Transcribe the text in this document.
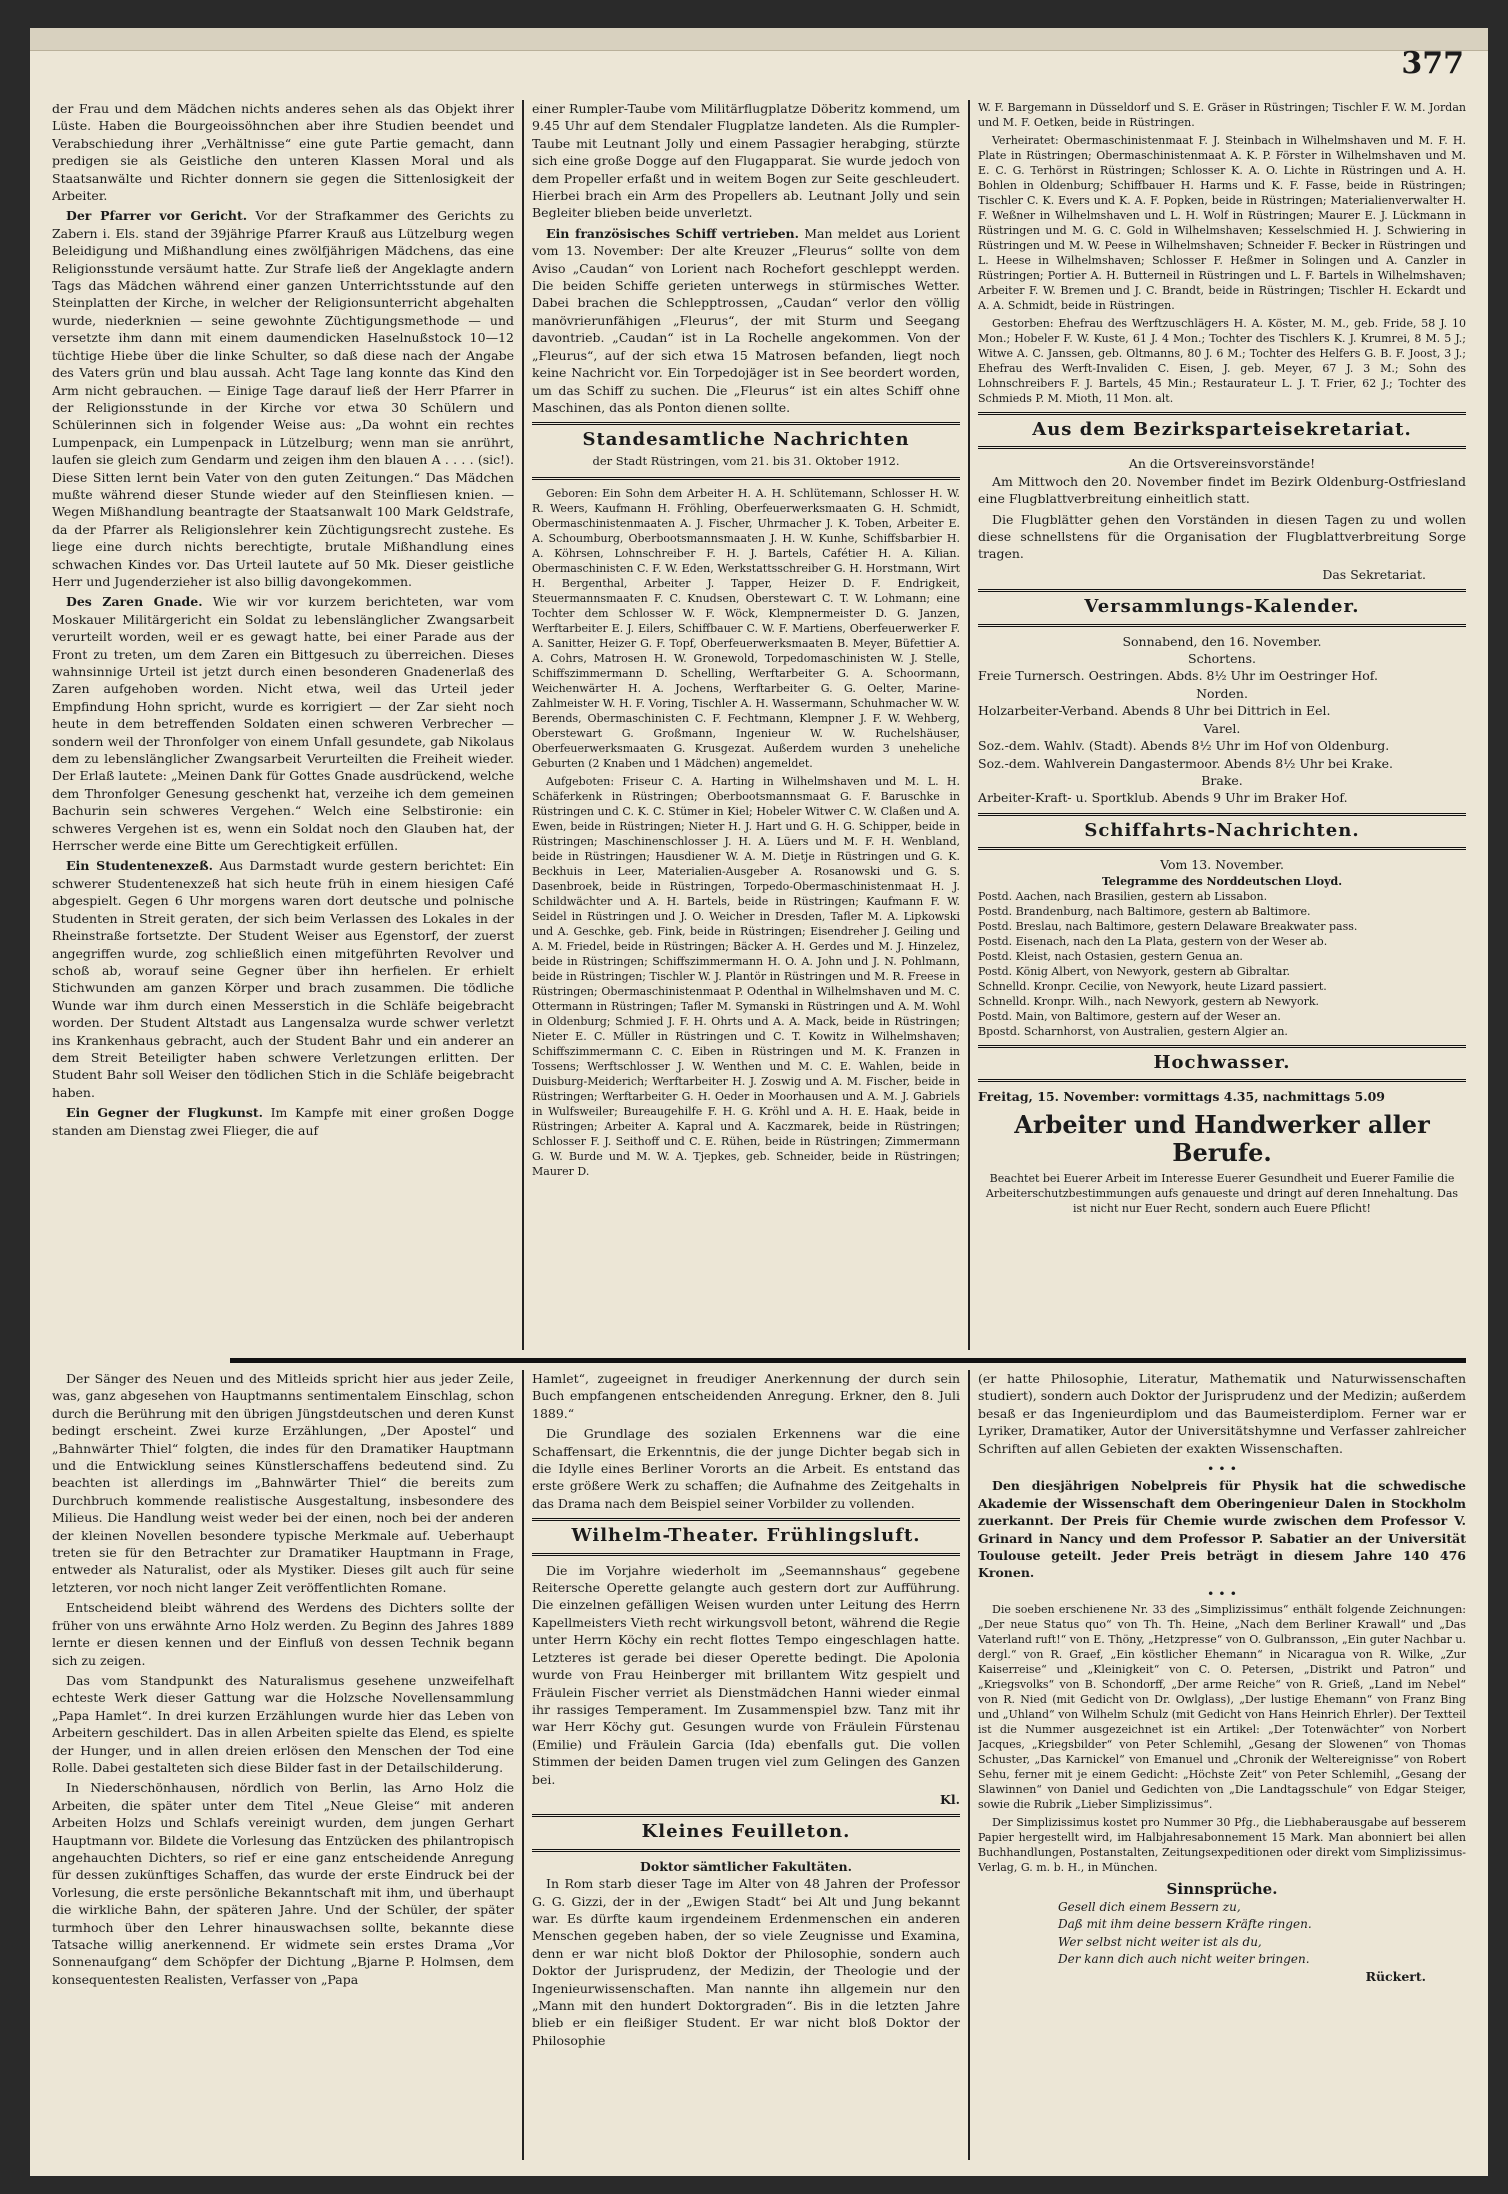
377

der Frau und dem Mädchen nichts anderes sehen als das Objekt ihrer Lüste. Haben die Bourgeoissöhnchen aber ihre Studien beendet und Verabschiedung ihrer „Verhältnisse“ eine gute Partie gemacht, dann predigen sie als Geistliche den unteren Klassen Moral und als Staatsanwälte und Richter donnern sie gegen die Sittenlosigkeit der Arbeiter.

Der Pfarrer vor Gericht. Vor der Strafkammer des Gerichts zu Zabern i. Els. stand der 39jährige Pfarrer Krauß aus Lützelburg wegen Beleidigung und Mißhandlung eines zwölfjährigen Mädchens, das eine Religionsstunde versäumt hatte. Zur Strafe ließ der Angeklagte andern Tags das Mädchen während einer ganzen Unterrichtsstunde auf den Steinplatten der Kirche, in welcher der Religionsunterricht abgehalten wurde, niederknien — seine gewohnte Züchtigungsmethode — und versetzte ihm dann mit einem daumendicken Haselnußstock 10—12 tüchtige Hiebe über die linke Schulter, so daß diese nach der Angabe des Vaters grün und blau aussah. Acht Tage lang konnte das Kind den Arm nicht gebrauchen. — Einige Tage darauf ließ der Herr Pfarrer in der Religionsstunde in der Kirche vor etwa 30 Schülern und Schülerinnen sich in folgender Weise aus: „Da wohnt ein rechtes Lumpenpack, ein Lumpenpack in Lützelburg; wenn man sie anrührt, laufen sie gleich zum Gendarm und zeigen ihm den blauen A . . . . (sic!). Diese Sitten lernt bein Vater von den guten Zeitungen.“ Das Mädchen mußte während dieser Stunde wieder auf den Steinfliesen knien. — Wegen Mißhandlung beantragte der Staatsanwalt 100 Mark Geldstrafe, da der Pfarrer als Religionslehrer kein Züchtigungsrecht zustehe. Es liege eine durch nichts berechtigte, brutale Mißhandlung eines schwachen Kindes vor. Das Urteil lautete auf 50 Mk. Dieser geistliche Herr und Jugenderzieher ist also billig davongekommen.

Des Zaren Gnade. Wie wir vor kurzem berichteten, war vom Moskauer Militärgericht ein Soldat zu lebenslänglicher Zwangsarbeit verurteilt worden, weil er es gewagt hatte, bei einer Parade aus der Front zu treten, um dem Zaren ein Bittgesuch zu überreichen. Dieses wahnsinnige Urteil ist jetzt durch einen besonderen Gnadenerlaß des Zaren aufgehoben worden. Nicht etwa, weil das Urteil jeder Empfindung Hohn spricht, wurde es korrigiert — der Zar sieht noch heute in dem betreffenden Soldaten einen schweren Verbrecher — sondern weil der Thronfolger von einem Unfall gesundete, gab Nikolaus dem zu lebenslänglicher Zwangsarbeit Verurteilten die Freiheit wieder. Der Erlaß lautete: „Meinen Dank für Gottes Gnade ausdrückend, welche dem Thronfolger Genesung geschenkt hat, verzeihe ich dem gemeinen Bachurin sein schweres Vergehen.“ Welch eine Selbstironie: ein schweres Vergehen ist es, wenn ein Soldat noch den Glauben hat, der Herrscher werde eine Bitte um Gerechtigkeit erfüllen.

Ein Studentenexzeß. Aus Darmstadt wurde gestern berichtet: Ein schwerer Studentenexzeß hat sich heute früh in einem hiesigen Café abgespielt. Gegen 6 Uhr morgens waren dort deutsche und polnische Studenten in Streit geraten, der sich beim Verlassen des Lokales in der Rheinstraße fortsetzte. Der Student Weiser aus Egenstorf, der zuerst angegriffen wurde, zog schließlich einen mitgeführten Revolver und schoß ab, worauf seine Gegner über ihn herfielen. Er erhielt Stichwunden am ganzen Körper und brach zusammen. Die tödliche Wunde war ihm durch einen Messerstich in die Schläfe beigebracht worden. Der Student Altstadt aus Langensalza wurde schwer verletzt ins Krankenhaus gebracht, auch der Student Bahr und ein anderer an dem Streit Beteiligter haben schwere Verletzungen erlitten. Der Student Bahr soll Weiser den tödlichen Stich in die Schläfe beigebracht haben.

Ein Gegner der Flugkunst. Im Kampfe mit einer großen Dogge standen am Dienstag zwei Flieger, die auf

einer Rumpler-Taube vom Militärflugplatze Döberitz kommend, um 9.45 Uhr auf dem Stendaler Flugplatze landeten. Als die Rumpler-Taube mit Leutnant Jolly und einem Passagier herabging, stürzte sich eine große Dogge auf den Flugapparat. Sie wurde jedoch von dem Propeller erfaßt und in weitem Bogen zur Seite geschleudert. Hierbei brach ein Arm des Propellers ab. Leutnant Jolly und sein Begleiter blieben beide unverletzt.

Ein französisches Schiff vertrieben. Man meldet aus Lorient vom 13. November: Der alte Kreuzer „Fleurus“ sollte von dem Aviso „Caudan“ von Lorient nach Rochefort geschleppt werden. Die beiden Schiffe gerieten unterwegs in stürmisches Wetter. Dabei brachen die Schlepptrossen, „Caudan“ verlor den völlig manövrierunfähigen „Fleurus“, der mit Sturm und Seegang davontrieb. „Caudan“ ist in La Rochelle angekommen. Von der „Fleurus“, auf der sich etwa 15 Matrosen befanden, liegt noch keine Nachricht vor. Ein Torpedojäger ist in See beordert worden, um das Schiff zu suchen. Die „Fleurus“ ist ein altes Schiff ohne Maschinen, das als Ponton dienen sollte.

Standesamtliche Nachrichten
der Stadt Rüstringen, vom 21. bis 31. Oktober 1912.

Geboren: Ein Sohn dem Arbeiter H. A. H. Schlütemann, Schlosser H. W. R. Weers, Kaufmann H. Fröhling, Oberfeuerwerksmaaten G. H. Schmidt, Obermaschinistenmaaten A. J. Fischer, Uhrmacher J. K. Toben, Arbeiter E. A. Schoumburg, Oberbootsmannsmaaten J. H. W. Kunhe, Schiffsbarbier H. A. Köhrsen, Lohnschreiber F. H. J. Bartels, Cafétier H. A. Kilian. Obermaschinisten C. F. W. Eden, Werkstattsschreiber G. H. Horstmann, Wirt H. Bergenthal, Arbeiter J. Tapper, Heizer D. F. Endrigkeit, Steuermannsmaaten F. C. Knudsen, Oberstewart C. T. W. Lohmann; eine Tochter dem Schlosser W. F. Wöck, Klempnermeister D. G. Janzen, Werftarbeiter E. J. Eilers, Schiffbauer C. W. F. Martiens, Oberfeuerwerker F. A. Sanitter, Heizer G. F. Topf, Oberfeuerwerksmaaten B. Meyer, Büfettier A. A. Cohrs, Matrosen H. W. Gronewold, Torpedomaschinisten W. J. Stelle, Schiffszimmermann D. Schelling, Werftarbeiter G. A. Schoormann, Weichenwärter H. A. Jochens, Werftarbeiter G. G. Oelter, Marine-Zahlmeister W. H. F. Voring, Tischler A. H. Wassermann, Schuhmacher W. W. Berends, Obermaschinisten C. F. Fechtmann, Klempner J. F. W. Wehberg, Oberstewart G. Großmann, Ingenieur W. W. Ruchelshäuser, Oberfeuerwerksmaaten G. Krusgezat. Außerdem wurden 3 uneheliche Geburten (2 Knaben und 1 Mädchen) angemeldet.

Aufgeboten: Friseur C. A. Harting in Wilhelmshaven und M. L. H. Schäferkenk in Rüstringen; Oberbootsmannsmaat G. F. Baruschke in Rüstringen und C. K. C. Stümer in Kiel; Hobeler Witwer C. W. Claßen und A. Ewen, beide in Rüstringen; Nieter H. J. Hart und G. H. G. Schipper, beide in Rüstringen; Maschinenschlosser J. H. A. Lüers und M. F. H. Wenbland, beide in Rüstringen; Hausdiener W. A. M. Dietje in Rüstringen und G. K. Beckhuis in Leer, Materialien-Ausgeber A. Rosanowski und G. S. Dasenbroek, beide in Rüstringen, Torpedo-Obermaschinistenmaat H. J. Schildwächter und A. H. Bartels, beide in Rüstringen; Kaufmann F. W. Seidel in Rüstringen und J. O. Weicher in Dresden, Tafler M. A. Lipkowski und A. Geschke, geb. Fink, beide in Rüstringen; Eisendreher J. Geiling und A. M. Friedel, beide in Rüstringen; Bäcker A. H. Gerdes und M. J. Hinzelez, beide in Rüstringen; Schiffszimmermann H. O. A. John und J. N. Pohlmann, beide in Rüstringen; Tischler W. J. Plantör in Rüstringen und M. R. Freese in Rüstringen; Obermaschinistenmaat P. Odenthal in Wilhelmshaven und M. C. Ottermann in Rüstringen; Tafler M. Symanski in Rüstringen und A. M. Wohl in Oldenburg; Schmied J. F. H. Ohrts und A. A. Mack, beide in Rüstringen; Nieter E. C. Müller in Rüstringen und C. T. Kowitz in Wilhelmshaven; Schiffszimmermann C. C. Eiben in Rüstringen und M. K. Franzen in Tossens; Werftschlosser J. W. Wenthen und M. C. E. Wahlen, beide in Duisburg-Meiderich; Werftarbeiter H. J. Zoswig und A. M. Fischer, beide in Rüstringen; Werftarbeiter G. H. Oeder in Moorhausen und A. M. J. Gabriels in Wulfsweiler; Bureaugehilfe F. H. G. Kröhl und A. H. E. Haak, beide in Rüstringen; Arbeiter A. Kapral und A. Kaczmarek, beide in Rüstringen; Schlosser F. J. Seithoff und C. E. Rühen, beide in Rüstringen; Zimmermann G. W. Burde und M. W. A. Tjepkes, geb. Schneider, beide in Rüstringen; Maurer D.

W. F. Bargemann in Düsseldorf und S. E. Gräser in Rüstringen; Tischler F. W. M. Jordan und M. F. Oetken, beide in Rüstringen.

Verheiratet: Obermaschinistenmaat F. J. Steinbach in Wilhelmshaven und M. F. H. Plate in Rüstringen; Obermaschinistenmaat A. K. P. Förster in Wilhelmshaven und M. E. C. G. Terhörst in Rüstringen; Schlosser K. A. O. Lichte in Rüstringen und A. H. Bohlen in Oldenburg; Schiffbauer H. Harms und K. F. Fasse, beide in Rüstringen; Tischler C. K. Evers und K. A. F. Popken, beide in Rüstringen; Materialienverwalter H. F. Weßner in Wilhelmshaven und L. H. Wolf in Rüstringen; Maurer E. J. Lückmann in Rüstringen und M. G. C. Gold in Wilhelmshaven; Kesselschmied H. J. Schwiering in Rüstringen und M. W. Peese in Wilhelmshaven; Schneider F. Becker in Rüstringen und L. Heese in Wilhelmshaven; Schlosser F. Heßmer in Solingen und A. Canzler in Rüstringen; Portier A. H. Butterneil in Rüstringen und L. F. Bartels in Wilhelmshaven; Arbeiter F. W. Bremen und J. C. Brandt, beide in Rüstringen; Tischler H. Eckardt und A. A. Schmidt, beide in Rüstringen.

Gestorben: Ehefrau des Werftzuschlägers H. A. Köster, M. M., geb. Fride, 58 J. 10 Mon.; Hobeler F. W. Kuste, 61 J. 4 Mon.; Tochter des Tischlers K. J. Krumrei, 8 M. 5 J.; Witwe A. C. Janssen, geb. Oltmanns, 80 J. 6 M.; Tochter des Helfers G. B. F. Joost, 3 J.; Ehefrau des Werft-Invaliden C. Eisen, J. geb. Meyer, 67 J. 3 M.; Sohn des Lohnschreibers F. J. Bartels, 45 Min.; Restaurateur L. J. T. Frier, 62 J.; Tochter des Schmieds P. M. Mioth, 11 Mon. alt.

Aus dem Bezirksparteisekretariat.
An die Ortsvereinsvorstände!

Am Mittwoch den 20. November findet im Bezirk Oldenburg-Ostfriesland eine Flugblattverbreitung einheitlich statt.

Die Flugblätter gehen den Vorständen in diesen Tagen zu und wollen diese schnellstens für die Organisation der Flugblattverbreitung Sorge tragen.

Das Sekretariat.
Versammlungs-Kalender.
Sonnabend, den 16. November.
Schortens.
Freie Turnersch. Oestringen. Abds. 8½ Uhr im Oestringer Hof.
Norden.
Holzarbeiter-Verband. Abends 8 Uhr bei Dittrich in Eel.
Varel.
Soz.-dem. Wahlv. (Stadt). Abends 8½ Uhr im Hof von Oldenburg.
Soz.-dem. Wahlverein Dangastermoor. Abends 8½ Uhr bei Krake.
Brake.
Arbeiter-Kraft- u. Sportklub. Abends 9 Uhr im Braker Hof.
Schiffahrts-Nachrichten.
Vom 13. November.
Telegramme des Norddeutschen Lloyd.
Postd. Aachen, nach Brasilien, gestern ab Lissabon.
Postd. Brandenburg, nach Baltimore, gestern ab Baltimore.
Postd. Breslau, nach Baltimore, gestern Delaware Breakwater pass.
Postd. Eisenach, nach den La Plata, gestern von der Weser ab.
Postd. Kleist, nach Ostasien, gestern Genua an.
Postd. König Albert, von Newyork, gestern ab Gibraltar.
Schnelld. Kronpr. Cecilie, von Newyork, heute Lizard passiert.
Schnelld. Kronpr. Wilh., nach Newyork, gestern ab Newyork.
Postd. Main, von Baltimore, gestern auf der Weser an.
Bpostd. Scharnhorst, von Australien, gestern Algier an.
Hochwasser.
Freitag, 15. November: vormittags 4.35, nachmittags 5.09
Arbeiter und Handwerker aller Berufe.

Beachtet bei Euerer Arbeit im Interesse Euerer Gesundheit und Euerer Familie die Arbeiterschutzbestimmungen aufs genaueste und dringt auf deren Innehaltung. Das ist nicht nur Euer Recht, sondern auch Euere Pflicht!

Der Sänger des Neuen und des Mitleids spricht hier aus jeder Zeile, was, ganz abgesehen von Hauptmanns sentimentalem Einschlag, schon durch die Berührung mit den übrigen Jüngstdeutschen und deren Kunst bedingt erscheint. Zwei kurze Erzählungen, „Der Apostel“ und „Bahnwärter Thiel“ folgten, die indes für den Dramatiker Hauptmann und die Entwicklung seines Künstlerschaffens bedeutend sind. Zu beachten ist allerdings im „Bahnwärter Thiel“ die bereits zum Durchbruch kommende realistische Ausgestaltung, insbesondere des Milieus. Die Handlung weist weder bei der einen, noch bei der anderen der kleinen Novellen besondere typische Merkmale auf. Ueberhaupt treten sie für den Betrachter zur Dramatiker Hauptmann in Frage, entweder als Naturalist, oder als Mystiker. Dieses gilt auch für seine letzteren, vor noch nicht langer Zeit veröffentlichten Romane.

Entscheidend bleibt während des Werdens des Dichters sollte der früher von uns erwähnte Arno Holz werden. Zu Beginn des Jahres 1889 lernte er diesen kennen und der Einfluß von dessen Technik begann sich zu zeigen.

Das vom Standpunkt des Naturalismus gesehene unzweifelhaft echteste Werk dieser Gattung war die Holzsche Novellensammlung „Papa Hamlet“. In drei kurzen Erzählungen wurde hier das Leben von Arbeitern geschildert. Das in allen Arbeiten spielte das Elend, es spielte der Hunger, und in allen dreien erlösen den Menschen der Tod eine Rolle. Dabei gestalteten sich diese Bilder fast in der Detailschilderung.

In Niederschönhausen, nördlich von Berlin, las Arno Holz die Arbeiten, die später unter dem Titel „Neue Gleise“ mit anderen Arbeiten Holzs und Schlafs vereinigt wurden, dem jungen Gerhart Hauptmann vor. Bildete die Vorlesung das Entzücken des philantropisch angehauchten Dichters, so rief er eine ganz entscheidende Anregung für dessen zukünftiges Schaffen, das wurde der erste Eindruck bei der Vorlesung, die erste persönliche Bekanntschaft mit ihm, und überhaupt die wirkliche Bahn, der späteren Jahre. Und der Schüler, der später turmhoch über den Lehrer hinauswachsen sollte, bekannte diese Tatsache willig anerkennend. Er widmete sein erstes Drama „Vor Sonnenaufgang“ dem Schöpfer der Dichtung „Bjarne P. Holmsen, dem konsequentesten Realisten, Verfasser von „Papa

Hamlet“, zugeeignet in freudiger Anerkennung der durch sein Buch empfangenen entscheidenden Anregung. Erkner, den 8. Juli 1889.“

Die Grundlage des sozialen Erkennens war die eine Schaffensart, die Erkenntnis, die der junge Dichter begab sich in die Idylle eines Berliner Vororts an die Arbeit. Es entstand das erste größere Werk zu schaffen; die Aufnahme des Zeitgehalts in das Drama nach dem Beispiel seiner Vorbilder zu vollenden.

Wilhelm-Theater. Frühlingsluft.

Die im Vorjahre wiederholt im „Seemannshaus“ gegebene Reitersche Operette gelangte auch gestern dort zur Aufführung. Die einzelnen gefälligen Weisen wurden unter Leitung des Herrn Kapellmeisters Vieth recht wirkungsvoll betont, während die Regie unter Herrn Köchy ein recht flottes Tempo eingeschlagen hatte. Letzteres ist gerade bei dieser Operette bedingt. Die Apolonia wurde von Frau Heinberger mit brillantem Witz gespielt und Fräulein Fischer verriet als Dienstmädchen Hanni wieder einmal ihr rassiges Temperament. Im Zusammenspiel bzw. Tanz mit ihr war Herr Köchy gut. Gesungen wurde von Fräulein Fürstenau (Emilie) und Fräulein Garcia (Ida) ebenfalls gut. Die vollen Stimmen der beiden Damen trugen viel zum Gelingen des Ganzen bei.

Kl.
Kleines Feuilleton.
Doktor sämtlicher Fakultäten.

In Rom starb dieser Tage im Alter von 48 Jahren der Professor G. G. Gizzi, der in der „Ewigen Stadt“ bei Alt und Jung bekannt war. Es dürfte kaum irgendeinem Erdenmenschen ein anderen Menschen gegeben haben, der so viele Zeugnisse und Examina, denn er war nicht bloß Doktor der Philosophie, sondern auch Doktor der Jurisprudenz, der Medizin, der Theologie und der Ingenieurwissenschaften. Man nannte ihn allgemein nur den „Mann mit den hundert Doktorgraden“. Bis in die letzten Jahre blieb er ein fleißiger Student. Er war nicht bloß Doktor der Philosophie

(er hatte Philosophie, Literatur, Mathematik und Naturwissenschaften studiert), sondern auch Doktor der Jurisprudenz und der Medizin; außerdem besaß er das Ingenieurdiplom und das Baumeisterdiplom. Ferner war er Lyriker, Dramatiker, Autor der Universitätshymne und Verfasser zahlreicher Schriften auf allen Gebieten der exakten Wissenschaften.

• • •

Den diesjährigen Nobelpreis für Physik hat die schwedische Akademie der Wissenschaft dem Oberingenieur Dalen in Stockholm zuerkannt. Der Preis für Chemie wurde zwischen dem Professor V. Grinard in Nancy und dem Professor P. Sabatier an der Universität Toulouse geteilt. Jeder Preis beträgt in diesem Jahre 140 476 Kronen.

• • •

Die soeben erschienene Nr. 33 des „Simplizissimus“ enthält folgende Zeichnungen: „Der neue Status quo“ von Th. Th. Heine, „Nach dem Berliner Krawall“ und „Das Vaterland ruft!“ von E. Thöny, „Hetzpresse“ von O. Gulbransson, „Ein guter Nachbar u. dergl.“ von R. Graef, „Ein köstlicher Ehemann“ in Nicaragua von R. Wilke, „Zur Kaiserreise“ und „Kleinigkeit“ von C. O. Petersen, „Distrikt und Patron“ und „Kriegsvolks“ von B. Schondorff, „Der arme Reiche“ von R. Grieß, „Land im Nebel“ von R. Nied (mit Gedicht von Dr. Owlglass), „Der lustige Ehemann“ von Franz Bing und „Uhland“ von Wilhelm Schulz (mit Gedicht von Hans Heinrich Ehrler). Der Textteil ist die Nummer ausgezeichnet ist ein Artikel: „Der Totenwächter“ von Norbert Jacques, „Kriegsbilder“ von Peter Schlemihl, „Gesang der Slowenen“ von Thomas Schuster, „Das Karnickel“ von Emanuel und „Chronik der Weltereignisse“ von Robert Sehu, ferner mit je einem Gedicht: „Höchste Zeit“ von Peter Schlemihl, „Gesang der Slawinnen“ von Daniel und Gedichten von „Die Landtagsschule“ von Edgar Steiger, sowie die Rubrik „Lieber Simplizissimus“.

Der Simplizissimus kostet pro Nummer 30 Pfg., die Liebhaberausgabe auf besserem Papier hergestellt wird, im Halbjahresabonnement 15 Mark. Man abonniert bei allen Buchhandlungen, Postanstalten, Zeitungsexpeditionen oder direkt vom Simplizissimus-Verlag, G. m. b. H., in München.

Sinnsprüche.
Gesell dich einem Bessern zu,
Daß mit ihm deine bessern Kräfte ringen.
Wer selbst nicht weiter ist als du,
Der kann dich auch nicht weiter bringen.
Rückert.
